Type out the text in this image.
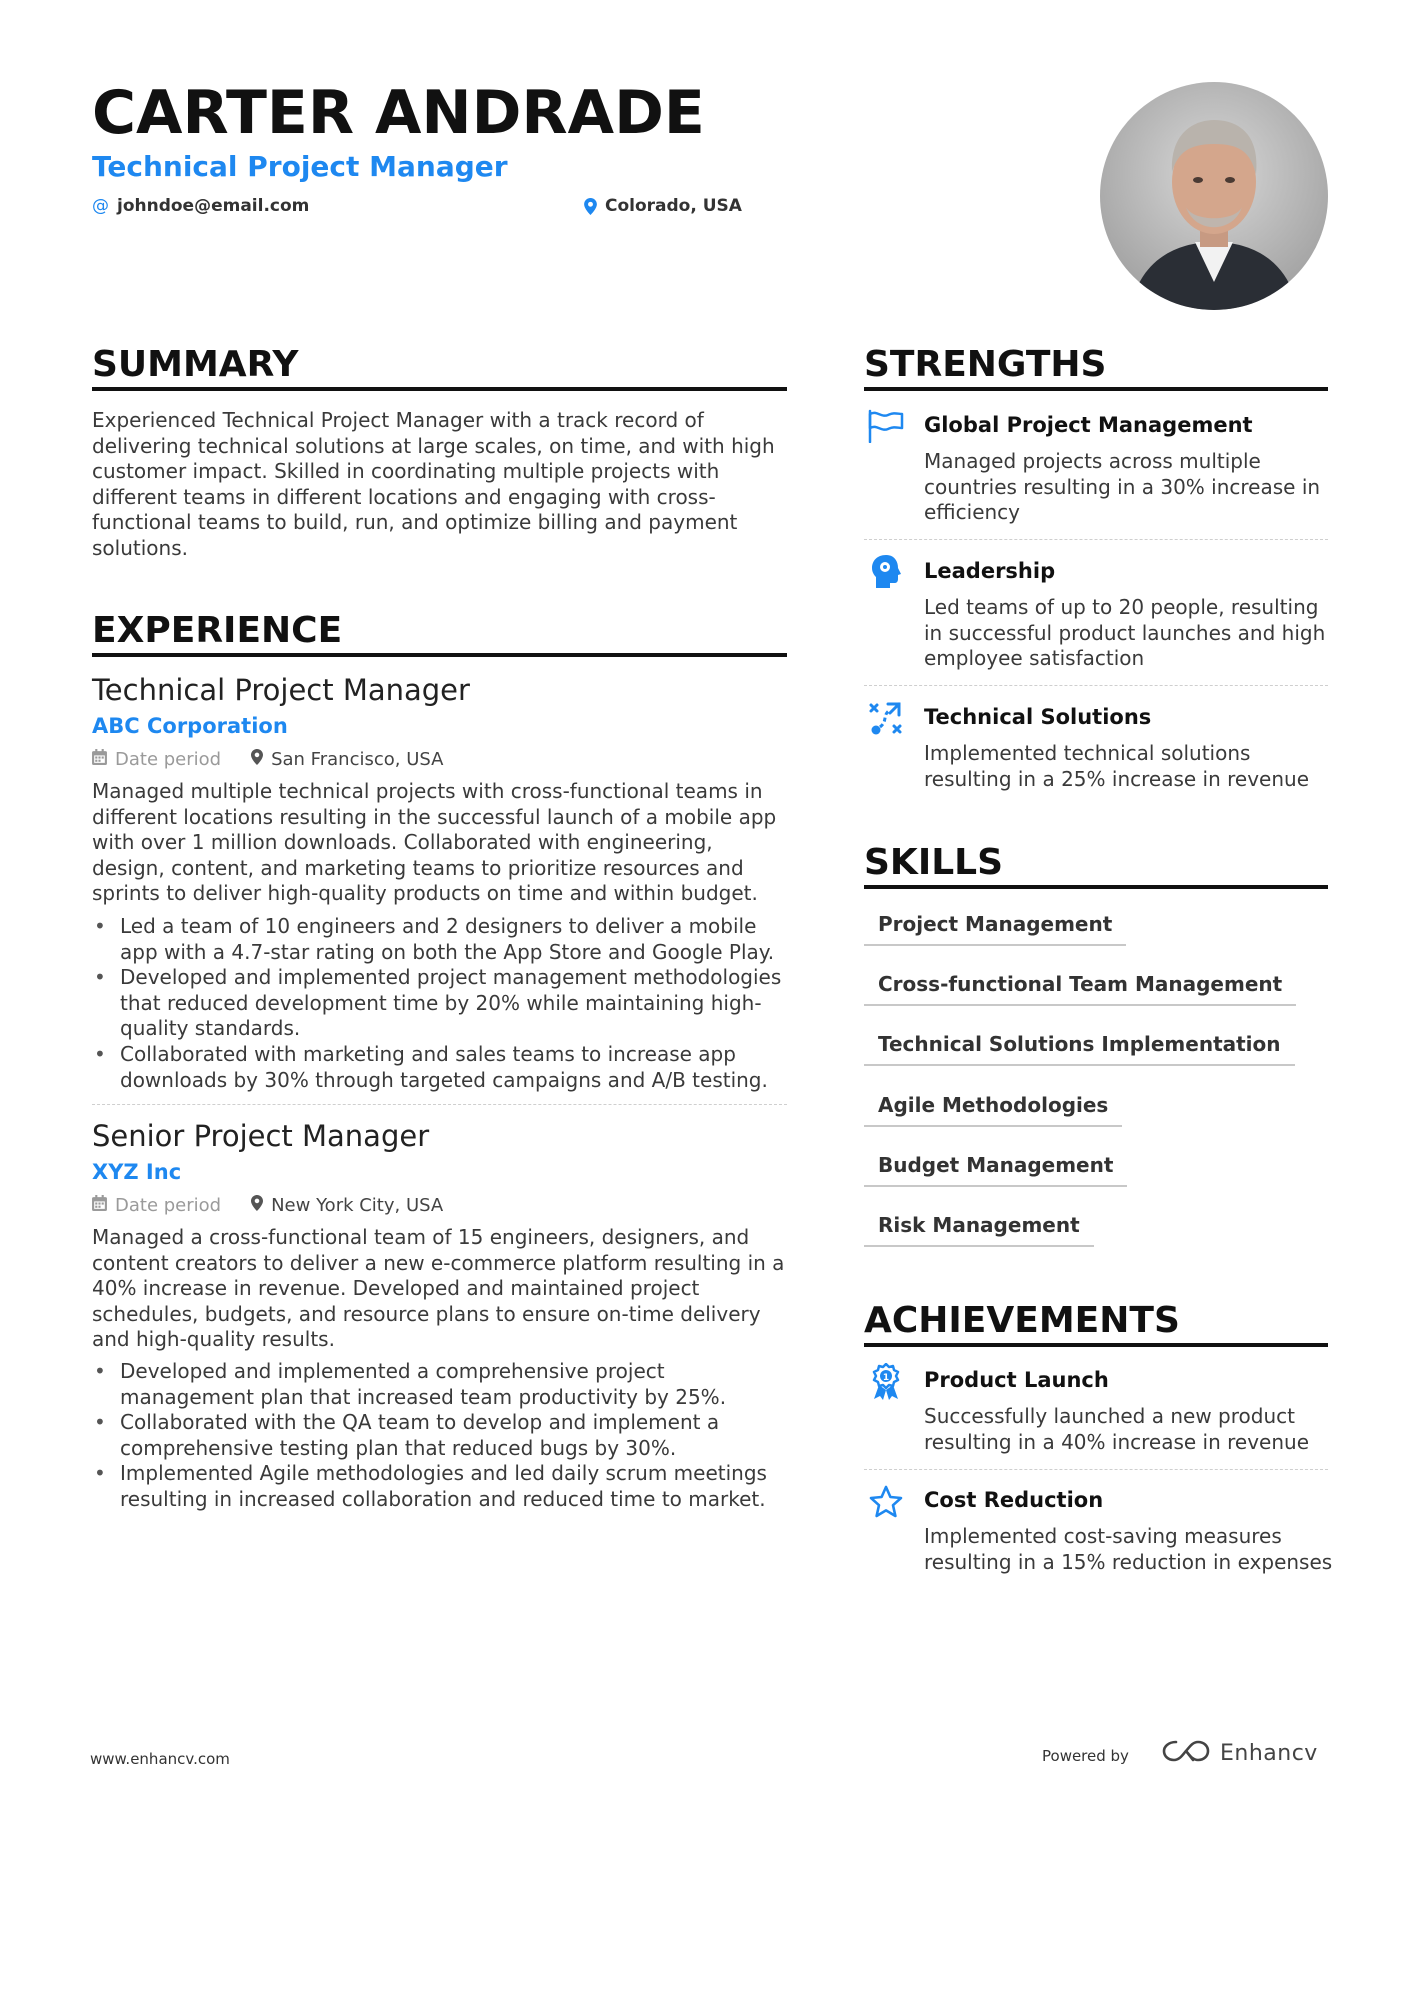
CARTER ANDRADE
Technical Project Manager
@ johndoe@email.com	Colorado, USA
SUMMARY
Experienced Technical Project Manager with a track record of delivering technical solutions at large scales, on time, and with high customer impact. Skilled in coordinating multiple projects with different teams in different locations and engaging with cross-functional teams to build, run, and optimize billing and payment solutions.
EXPERIENCE
Technical Project Manager
ABC Corporation
Date period	San Francisco, USA
Managed multiple technical projects with cross-functional teams in different locations resulting in the successful launch of a mobile app with over 1 million downloads. Collaborated with engineering, design, content, and marketing teams to prioritize resources and sprints to deliver high-quality products on time and within budget.
• Led a team of 10 engineers and 2 designers to deliver a mobile app with a 4.7-star rating on both the App Store and Google Play.
• Developed and implemented project management methodologies that reduced development time by 20% while maintaining high-quality standards.
• Collaborated with marketing and sales teams to increase app downloads by 30% through targeted campaigns and A/B testing.
Senior Project Manager
XYZ Inc
Date period	New York City, USA
Managed a cross-functional team of 15 engineers, designers, and content creators to deliver a new e-commerce platform resulting in a 40% increase in revenue. Developed and maintained project schedules, budgets, and resource plans to ensure on-time delivery and high-quality results.
• Developed and implemented a comprehensive project management plan that increased team productivity by 25%.
• Collaborated with the QA team to develop and implement a comprehensive testing plan that reduced bugs by 30%.
• Implemented Agile methodologies and led daily scrum meetings resulting in increased collaboration and reduced time to market.
STRENGTHS
Global Project Management
Managed projects across multiple countries resulting in a 30% increase in efficiency
Leadership
Led teams of up to 20 people, resulting in successful product launches and high employee satisfaction
Technical Solutions
Implemented technical solutions resulting in a 25% increase in revenue
SKILLS
Project Management
Cross-functional Team Management
Technical Solutions Implementation
Agile Methodologies
Budget Management
Risk Management
ACHIEVEMENTS
1 Product Launch
Successfully launched a new product resulting in a 40% increase in revenue
Cost Reduction
Implemented cost-saving measures resulting in a 15% reduction in expenses
www.enhancv.com	Powered by	Enhancv
